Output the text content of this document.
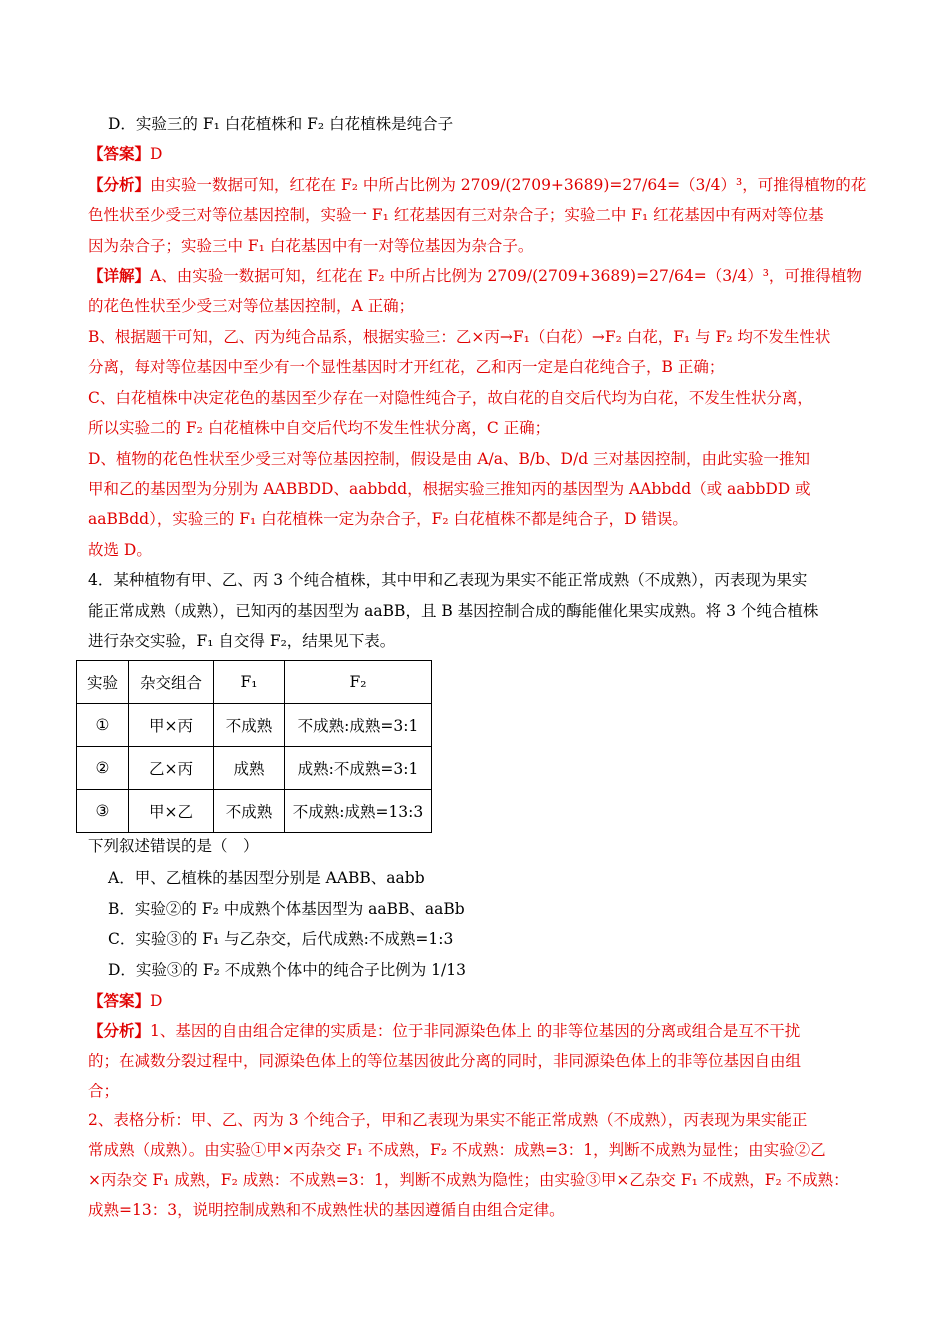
D．实验三的 F₁ 白花植株和 F₂ 白花植株是纯合子
【答案】D
【分析】由实验一数据可知，红花在 F₂ 中所占比例为 2709/(2709+3689)=27/64=（3/4）³，可推得植物的花
色性状至少受三对等位基因控制，实验一 F₁ 红花基因有三对杂合子；实验二中 F₁ 红花基因中有两对等位基
因为杂合子；实验三中 F₁ 白花基因中有一对等位基因为杂合子。
【详解】A、由实验一数据可知，红花在 F₂ 中所占比例为 2709/(2709+3689)=27/64=（3/4）³，可推得植物
的花色性状至少受三对等位基因控制，A 正确；
B、根据题干可知，乙、丙为纯合品系，根据实验三：乙×丙→F₁（白花）→F₂ 白花，F₁ 与 F₂ 均不发生性状
分离，每对等位基因中至少有一个显性基因时才开红花，乙和丙一定是白花纯合子，B 正确；
C、白花植株中决定花色的基因至少存在一对隐性纯合子，故白花的自交后代均为白花，不发生性状分离，
所以实验二的 F₂ 白花植株中自交后代均不发生性状分离，C 正确；
D、植物的花色性状至少受三对等位基因控制，假设是由 A/a、B/b、D/d 三对基因控制，由此实验一推知
甲和乙的基因型为分别为 AABBDD、aabbdd，根据实验三推知丙的基因型为 AAbbdd（或 aabbDD 或
aaBBdd），实验三的 F₁ 白花植株一定为杂合子，F₂ 白花植株不都是纯合子，D 错误。
故选 D。
4．某种植物有甲、乙、丙 3 个纯合植株，其中甲和乙表现为果实不能正常成熟（不成熟），丙表现为果实
能正常成熟（成熟），已知丙的基因型为 aaBB，且 B 基因控制合成的酶能催化果实成熟。将 3 个纯合植株
进行杂交实验，F₁ 自交得 F₂，结果见下表。
实验	杂交组合	F₁	F₂
①	甲×丙	不成熟	不成熟:成熟=3:1
②	乙×丙	成熟	成熟:不成熟=3:1
③	甲×乙	不成熟	不成熟:成熟=13:3
下列叙述错误的是（　）
A．甲、乙植株的基因型分别是 AABB、aabb
B．实验②的 F₂ 中成熟个体基因型为 aaBB、aaBb
C．实验③的 F₁ 与乙杂交，后代成熟:不成熟=1:3
D．实验③的 F₂ 不成熟个体中的纯合子比例为 1/13
【答案】D
【分析】1、基因的自由组合定律的实质是：位于非同源染色体上 的非等位基因的分离或组合是互不干扰
的；在减数分裂过程中，同源染色体上的等位基因彼此分离的同时，非同源染色体上的非等位基因自由组
合；
2、表格分析：甲、乙、丙为 3 个纯合子，甲和乙表现为果实不能正常成熟（不成熟），丙表现为果实能正
常成熟（成熟）。由实验①甲×丙杂交 F₁ 不成熟，F₂ 不成熟：成熟=3：1，判断不成熟为显性；由实验②乙
×丙杂交 F₁ 成熟，F₂ 成熟：不成熟=3：1，判断不成熟为隐性；由实验③甲×乙杂交 F₁ 不成熟，F₂ 不成熟：
成熟=13：3，说明控制成熟和不成熟性状的基因遵循自由组合定律。
